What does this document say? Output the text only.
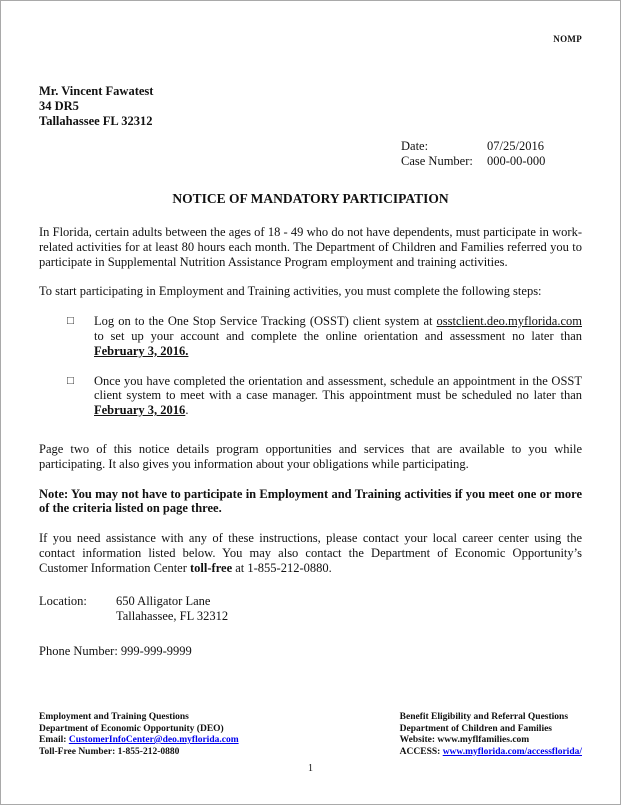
NOMP
Mr. Vincent Fawatest
34 DR5
Tallahassee FL 32312
Date:	07/25/2016
Case Number:	000-00-000
NOTICE OF MANDATORY PARTICIPATION

In Florida, certain adults between the ages of 18 - 49 who do not have dependents, must participate in work-related activities for at least 80 hours each month. The Department of Children and Families referred you to participate in Supplemental Nutrition Assistance Program employment and training activities.

To start participating in Employment and Training activities, you must complete the following steps:

□	Log on to the One Stop Service Tracking (OSST) client system at osstclient.deo.myflorida.com to set up your account and complete the online orientation and assessment no later than February 3, 2016.
□	Once you have completed the orientation and assessment, schedule an appointment in the OSST client system to meet with a case manager. This appointment must be scheduled no later than February 3, 2016.

Page two of this notice details program opportunities and services that are available to you while participating. It also gives you information about your obligations while participating.

Note: You may not have to participate in Employment and Training activities if you meet one or more of the criteria listed on page three.

If you need assistance with any of these instructions, please contact your local career center using the contact information listed below. You may also contact the Department of Economic Opportunity’s Customer Information Center toll-free at 1-855-212-0880.

Location:	650 Alligator Lane
Tallahassee, FL 32312

Phone Number: 999-999-9999

Employment and Training Questions
Department of Economic Opportunity (DEO)
Email: CustomerInfoCenter@deo.myflorida.com
Toll-Free Number: 1-855-212-0880
Benefit Eligibility and Referral Questions
Department of Children and Families
Website: www.myflfamilies.com
ACCESS: www.myflorida.com/accessflorida/
1
